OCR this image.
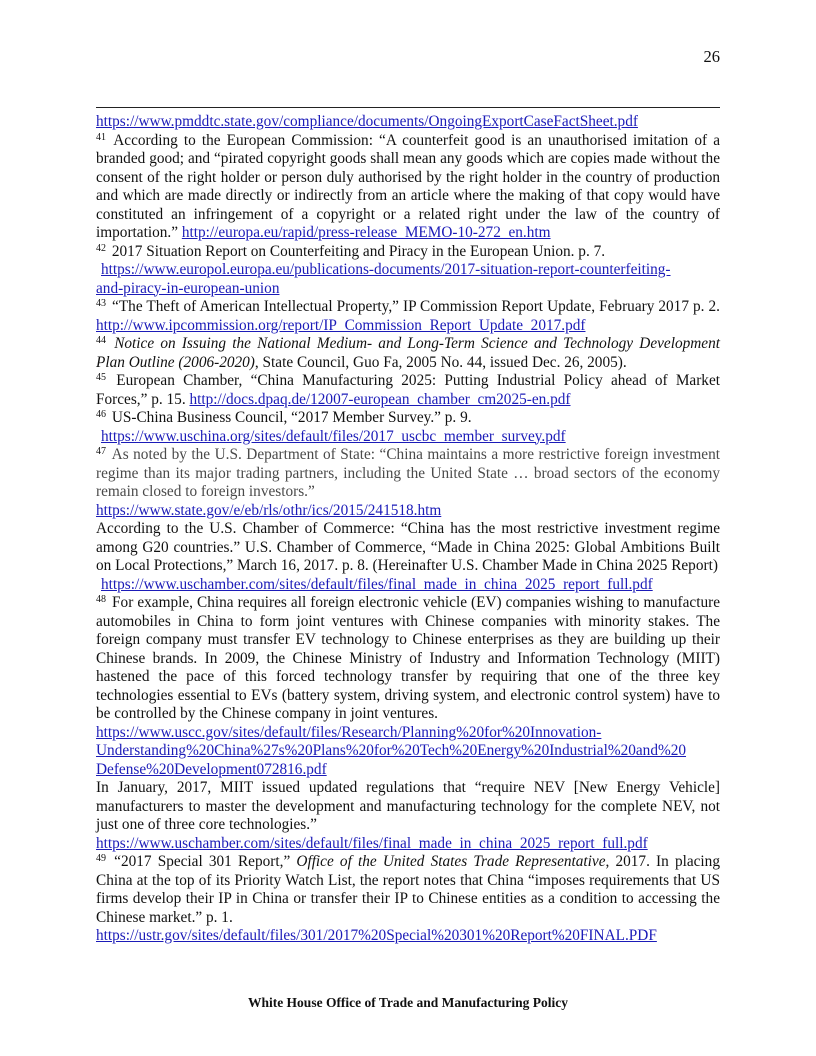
26

https://www.pmddtc.state.gov/compliance/documents/OngoingExportCaseFactSheet.pdf

$^{41}$ According to the European Commission: “A counterfeit good is an unauthorised imitation of a branded good; and “pirated copyright goods shall mean any goods which are copies made without the consent of the right holder or person duly authorised by the right holder in the country of production and which are made directly or indirectly from an article where the making of that copy would have constituted an infringement of a copyright or a related right under the law of the country of importation.” http://europa.eu/rapid/press-release_MEMO-10-272_en.htm

$^{42}$ 2017 Situation Report on Counterfeiting and Piracy in the European Union. p. 7.
https://www.europol.europa.eu/publications-documents/2017-situation-report-counterfeiting-
and-piracy-in-european-union

$^{43}$ “The Theft of American Intellectual Property,” IP Commission Report Update, February 2017 p. 2. http://www.ipcommission.org/report/IP_Commission_Report_Update_2017.pdf

$^{44}$ Notice on Issuing the National Medium- and Long-Term Science and Technology Development Plan Outline (2006-2020), State Council, Guo Fa, 2005 No. 44, issued Dec. 26, 2005).

$^{45}$ European Chamber, “China Manufacturing 2025: Putting Industrial Policy ahead of Market Forces,” p. 15. http://docs.dpaq.de/12007-european_chamber_cm2025-en.pdf

$^{46}$ US-China Business Council, “2017 Member Survey.” p. 9.
https://www.uschina.org/sites/default/files/2017_uscbc_member_survey.pdf

$^{47}$ As noted by the U.S. Department of State: “China maintains a more restrictive foreign investment regime than its major trading partners, including the United State … broad sectors of the economy remain closed to foreign investors.”

https://www.state.gov/e/eb/rls/othr/ics/2015/241518.htm

According to the U.S. Chamber of Commerce: “China has the most restrictive investment regime among G20 countries.” U.S. Chamber of Commerce, “Made in China 2025: Global Ambitions Built on Local Protections,” March 16, 2017. p. 8. (Hereinafter U.S. Chamber Made in China 2025 Report)

https://www.uschamber.com/sites/default/files/final_made_in_china_2025_report_full.pdf

$^{48}$ For example, China requires all foreign electronic vehicle (EV) companies wishing to manufacture automobiles in China to form joint ventures with Chinese companies with minority stakes. The foreign company must transfer EV technology to Chinese enterprises as they are building up their Chinese brands. In 2009, the Chinese Ministry of Industry and Information Technology (MIIT) hastened the pace of this forced technology transfer by requiring that one of the three key technologies essential to EVs (battery system, driving system, and electronic control system) have to be controlled by the Chinese company in joint ventures.

https://www.uscc.gov/sites/default/files/Research/Planning%20for%20Innovation-
Understanding%20China%27s%20Plans%20for%20Tech%20Energy%20Industrial%20and%20
Defense%20Development072816.pdf

In January, 2017, MIIT issued updated regulations that “require NEV [New Energy Vehicle] manufacturers to master the development and manufacturing technology for the complete NEV, not just one of three core technologies.”

https://www.uschamber.com/sites/default/files/final_made_in_china_2025_report_full.pdf

$^{49}$ “2017 Special 301 Report,” Office of the United States Trade Representative, 2017. In placing China at the top of its Priority Watch List, the report notes that China “imposes requirements that US firms develop their IP in China or transfer their IP to Chinese entities as a condition to accessing the Chinese market.” p. 1.

https://ustr.gov/sites/default/files/301/2017%20Special%20301%20Report%20FINAL.PDF

White House Office of Trade and Manufacturing Policy
